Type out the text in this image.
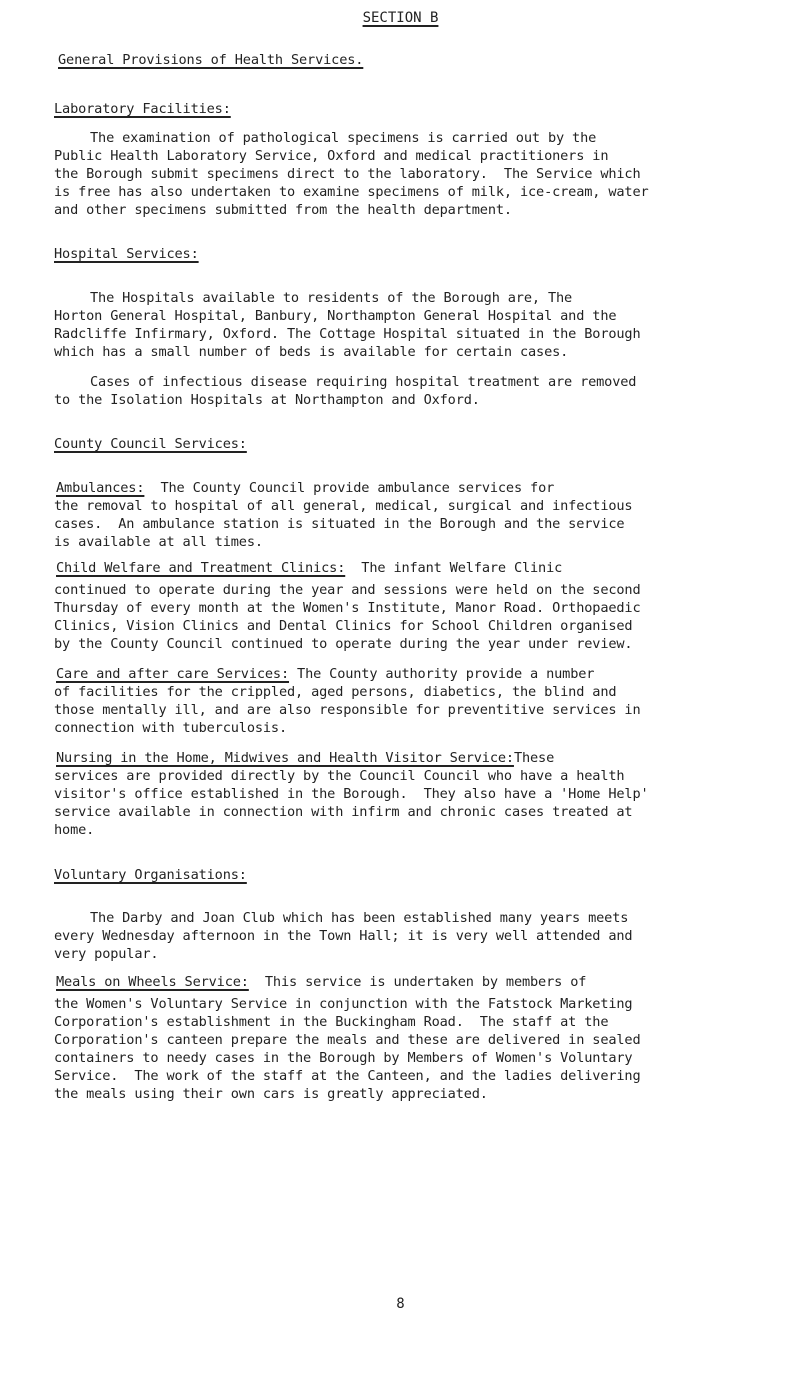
SECTION B
General Provisions of Health Services.
Laboratory Facilities:
The examination of pathological specimens is carried out by the
Public Health Laboratory Service, Oxford and medical practitioners in
the Borough submit specimens direct to the laboratory.  The Service which
is free has also undertaken to examine specimens of milk, ice-cream, water
and other specimens submitted from the health department.
Hospital Services:
The Hospitals available to residents of the Borough are, The
Horton General Hospital, Banbury, Northampton General Hospital and the
Radcliffe Infirmary, Oxford. The Cottage Hospital situated in the Borough
which has a small number of beds is available for certain cases.
Cases of infectious disease requiring hospital treatment are removed
to the Isolation Hospitals at Northampton and Oxford.
County Council Services:
Ambulances:  The County Council provide ambulance services for
the removal to hospital of all general, medical, surgical and infectious
cases.  An ambulance station is situated in the Borough and the service
is available at all times.
Child Welfare and Treatment Clinics:  The infant Welfare Clinic
continued to operate during the year and sessions were held on the second
Thursday of every month at the Women's Institute, Manor Road. Orthopaedic
Clinics, Vision Clinics and Dental Clinics for School Children organised
by the County Council continued to operate during the year under review.
Care and after care Services: The County authority provide a number
of facilities for the crippled, aged persons, diabetics, the blind and
those mentally ill, and are also responsible for preventitive services in
connection with tuberculosis.
Nursing in the Home, Midwives and Health Visitor Service:These
services are provided directly by the Council Council who have a health
visitor's office established in the Borough.  They also have a 'Home Help'
service available in connection with infirm and chronic cases treated at
home.
Voluntary Organisations:
The Darby and Joan Club which has been established many years meets
every Wednesday afternoon in the Town Hall; it is very well attended and
very popular.
Meals on Wheels Service:  This service is undertaken by members of
the Women's Voluntary Service in conjunction with the Fatstock Marketing
Corporation's establishment in the Buckingham Road.  The staff at the
Corporation's canteen prepare the meals and these are delivered in sealed
containers to needy cases in the Borough by Members of Women's Voluntary
Service.  The work of the staff at the Canteen, and the ladies delivering
the meals using their own cars is greatly appreciated.
8
